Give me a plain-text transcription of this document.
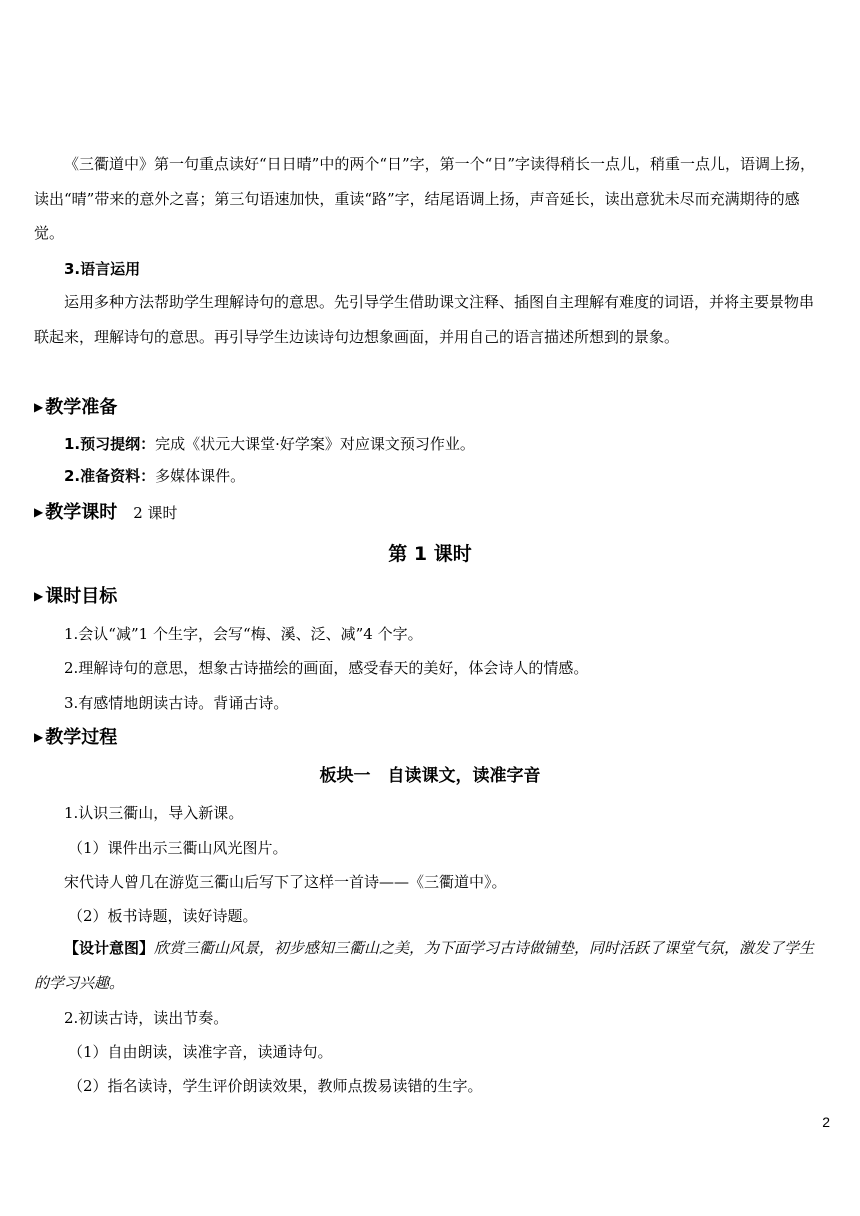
《三衢道中》第一句重点读好“日日晴”中的两个“日”字，第一个“日”字读得稍长一点儿，稍重一点儿，语调上扬，读出“晴”带来的意外之喜；第三句语速加快，重读“路”字，结尾语调上扬，声音延长，读出意犹未尽而充满期待的感觉。

3.语言运用

运用多种方法帮助学生理解诗句的意思。先引导学生借助课文注释、插图自主理解有难度的词语，并将主要景物串联起来，理解诗句的意思。再引导学生边读诗句边想象画面，并用自己的语言描述所想到的景象。

▶ 教学准备
1.预习提纲：完成《状元大课堂·好学案》对应课文预习作业。
2.准备资料：多媒体课件。
▶ 教学课时 2 课时
第 1 课时
▶ 课时目标
1.会认“减”1 个生字，会写“梅、溪、泛、减”4 个字。
2.理解诗句的意思，想象古诗描绘的画面，感受春天的美好，体会诗人的情感。
3.有感情地朗读古诗。背诵古诗。
▶ 教学过程
板块一　自读课文，读准字音
1.认识三衢山，导入新课。
（1）课件出示三衢山风光图片。
宋代诗人曾几在游览三衢山后写下了这样一首诗——《三衢道中》。
（2）板书诗题，读好诗题。

【设计意图】欣赏三衢山风景，初步感知三衢山之美，为下面学习古诗做铺垫，同时活跃了课堂气氛，激发了学生的学习兴趣。

2.初读古诗，读出节奏。
（1）自由朗读，读准字音，读通诗句。
（2）指名读诗，学生评价朗读效果，教师点拨易读错的生字。
2
